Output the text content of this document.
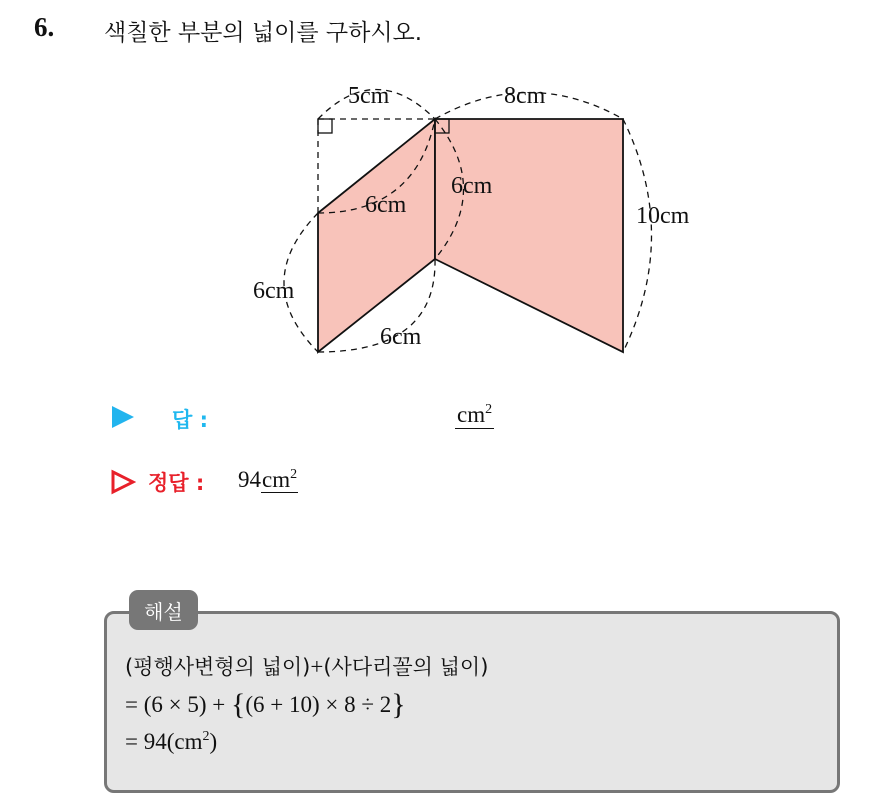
6. 색칠한 부분의 넓이를 구하시오.
5cm	8cm
6cm
6cm	10cm
6cm
6cm
답 :	$cm^2$
정답 : $94cm^2$
해설
(평행사변형의 넓이)+(사다리꼴의 넓이)
= (6 × 5) + {(6 + 10) × 8 ÷ 2}
= $94(cm^2)$
